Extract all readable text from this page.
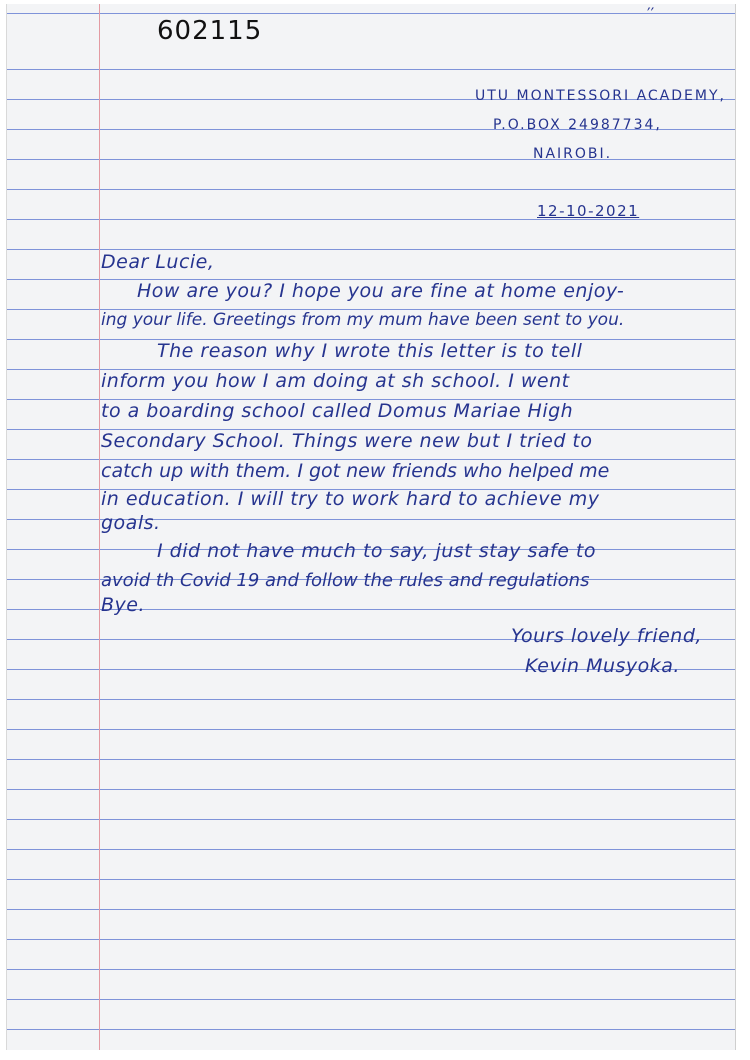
′′
602115
UTU MONTESSORI ACADEMY,
P.O.BOX 24987734,
NAIROBI.
12-10-2021
Dear Lucie,
How are you? I hope you are fine at home enjoy-
ing your life. Greetings from my mum have been sent to you.
The reason why I wrote this letter is to tell
inform you how I am doing at sh school. I went
to a boarding school called Domus Mariae High
Secondary School. Things were new but I tried to
catch up with them. I got new friends who helped me
in education. I will try to work hard to achieve my
goals.
I did not have much to say, just stay safe to
avoid th Covid 19 and follow the rules and regulations
Bye.
Yours lovely friend,
Kevin Musyoka.
